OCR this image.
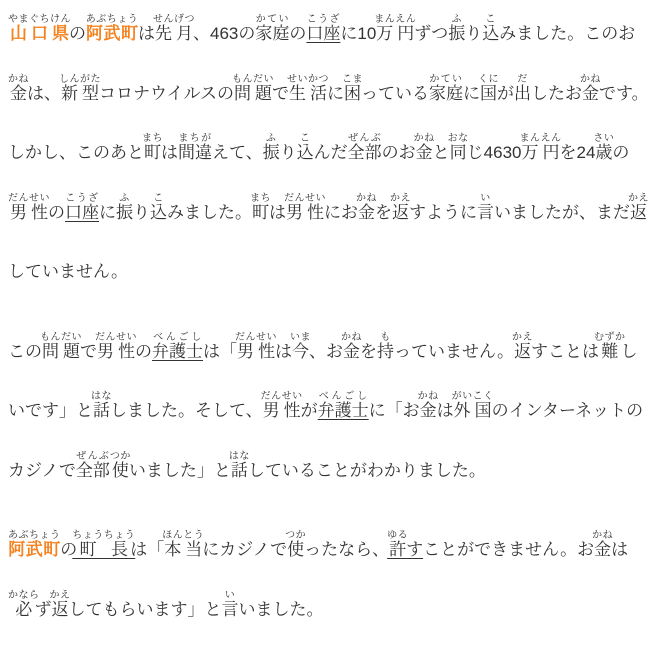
山口県やまぐちけんの阿武町あぶちょうは先月せんげつ、463の家庭かていの口座こうざに10万円まんえんずつ振ふり込こみました。このお金かねは、新型しんがたコロナウイルスの問題もんだいで生活せいかつに困こまっている家庭かていに国くにが出だしたお金かねです。しかし、このあと町まちは間違まちがえて、振ふり込こんだ全部ぜんぶのお金かねと同おなじ4630万円まんえんを24歳さいの男性だんせいの口座こうざに振ふり込こみました。町まちは男性だんせいにお金かねを返かえすように言いいましたが、まだ返かえしていません。

この問題もんだいで男性だんせいの弁護士べんごしは「男性だんせいは今いま、お金かねを持もっていません。返かえすことは難むずかしいです」と話はなしました。そして、男性だんせいが弁護士べんごしに「お金かねは外国がいこくのインターネットのカジノで全部ぜんぶ使つかいました」と話はなしていることがわかりました。

阿武町あぶちょうの町長ちょうちょうは「本当ほんとうにカジノで使つかったなら、許ゆるすことができません。お金かねは必かならず返かえしてもらいます」と言いいました。
